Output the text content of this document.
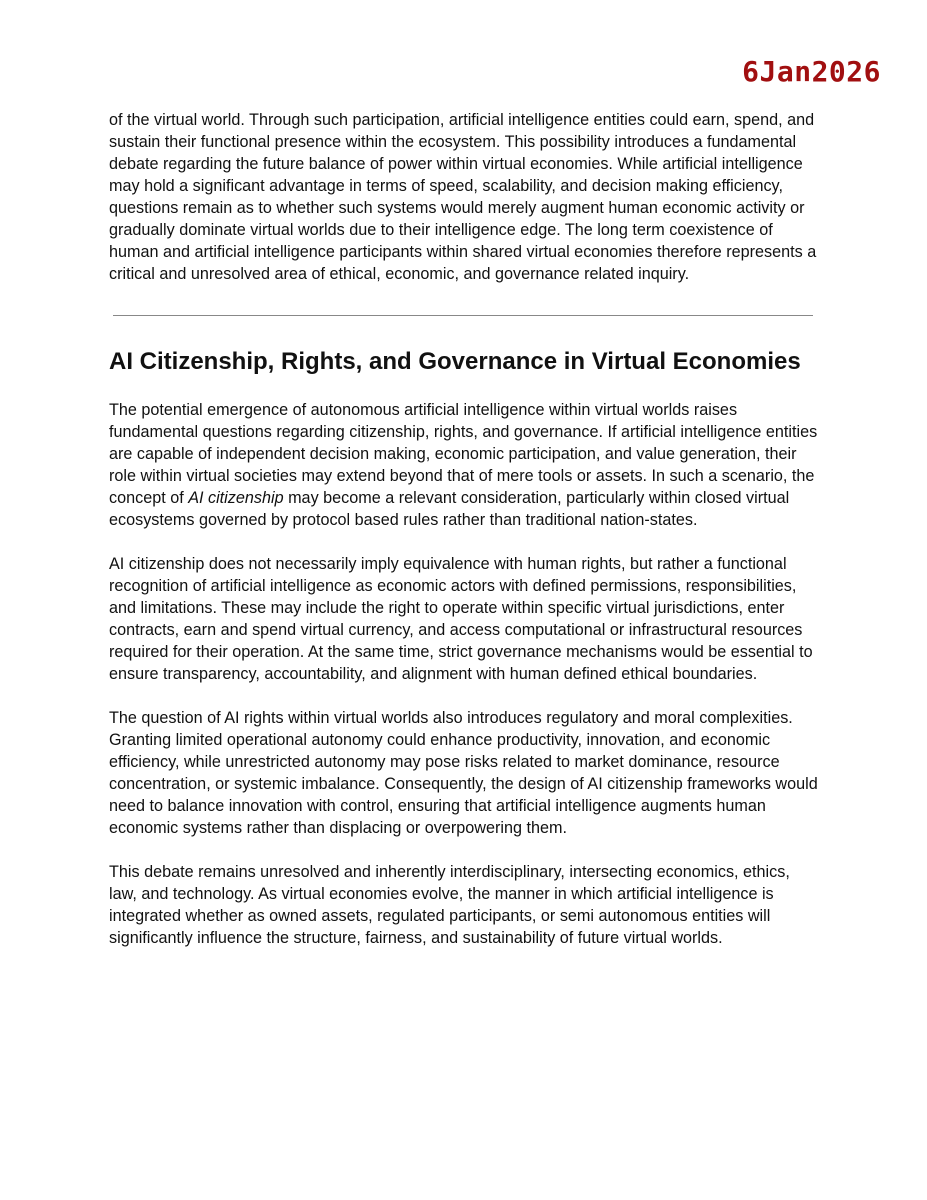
6Jan2026

of the virtual world. Through such participation, artificial intelligence entities could earn, spend, and sustain their functional presence within the ecosystem. This possibility introduces a fundamental debate regarding the future balance of power within virtual economies. While artificial intelligence may hold a significant advantage in terms of speed, scalability, and decision making efficiency, questions remain as to whether such systems would merely augment human economic activity or gradually dominate virtual worlds due to their intelligence edge. The long term coexistence of human and artificial intelligence participants within shared virtual economies therefore represents a critical and unresolved area of ethical, economic, and governance related inquiry.

AI Citizenship, Rights, and Governance in Virtual Economies

The potential emergence of autonomous artificial intelligence within virtual worlds raises fundamental questions regarding citizenship, rights, and governance. If artificial intelligence entities are capable of independent decision making, economic participation, and value generation, their role within virtual societies may extend beyond that of mere tools or assets. In such a scenario, the concept of AI citizenship may become a relevant consideration, particularly within closed virtual ecosystems governed by protocol based rules rather than traditional nation-states.

AI citizenship does not necessarily imply equivalence with human rights, but rather a functional recognition of artificial intelligence as economic actors with defined permissions, responsibilities, and limitations. These may include the right to operate within specific virtual jurisdictions, enter contracts, earn and spend virtual currency, and access computational or infrastructural resources required for their operation. At the same time, strict governance mechanisms would be essential to ensure transparency, accountability, and alignment with human defined ethical boundaries.

The question of AI rights within virtual worlds also introduces regulatory and moral complexities. Granting limited operational autonomy could enhance productivity, innovation, and economic efficiency, while unrestricted autonomy may pose risks related to market dominance, resource concentration, or systemic imbalance. Consequently, the design of AI citizenship frameworks would need to balance innovation with control, ensuring that artificial intelligence augments human economic systems rather than displacing or overpowering them.

This debate remains unresolved and inherently interdisciplinary, intersecting economics, ethics, law, and technology. As virtual economies evolve, the manner in which artificial intelligence is integrated whether as owned assets, regulated participants, or semi autonomous entities will significantly influence the structure, fairness, and sustainability of future virtual worlds.
